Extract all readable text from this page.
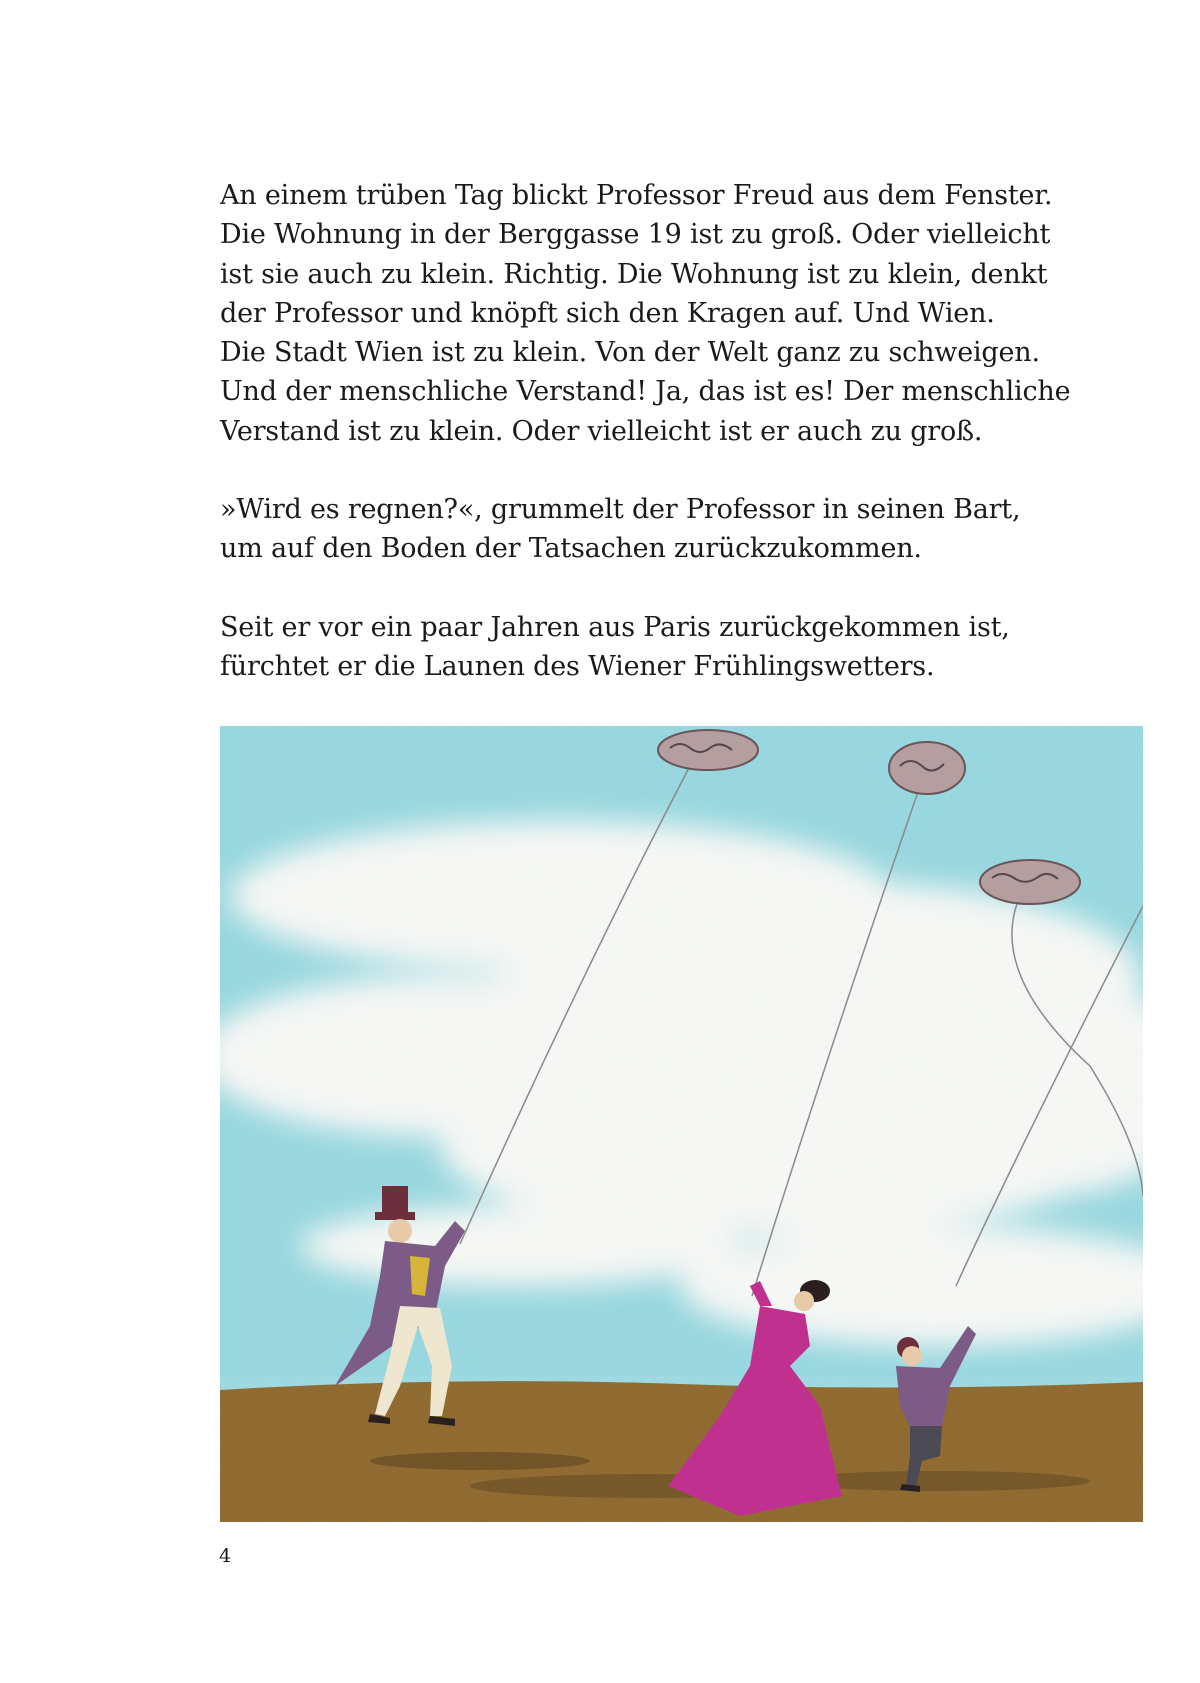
An einem trüben Tag blickt Professor Freud aus dem Fenster.
Die Wohnung in der Berggasse 19 ist zu groß. Oder vielleicht
ist sie auch zu klein. Richtig. Die Wohnung ist zu klein, denkt
der Professor und knöpft sich den Kragen auf. Und Wien.
Die Stadt Wien ist zu klein. Von der Welt ganz zu schweigen.
Und der menschliche Verstand! Ja, das ist es! Der menschliche
Verstand ist zu klein. Oder vielleicht ist er auch zu groß.

»Wird es regnen?«, grummelt der Professor in seinen Bart,
um auf den Boden der Tatsachen zurückzukommen.

Seit er vor ein paar Jahren aus Paris zurückgekommen ist,
fürchtet er die Launen des Wiener Frühlingswetters.

4
